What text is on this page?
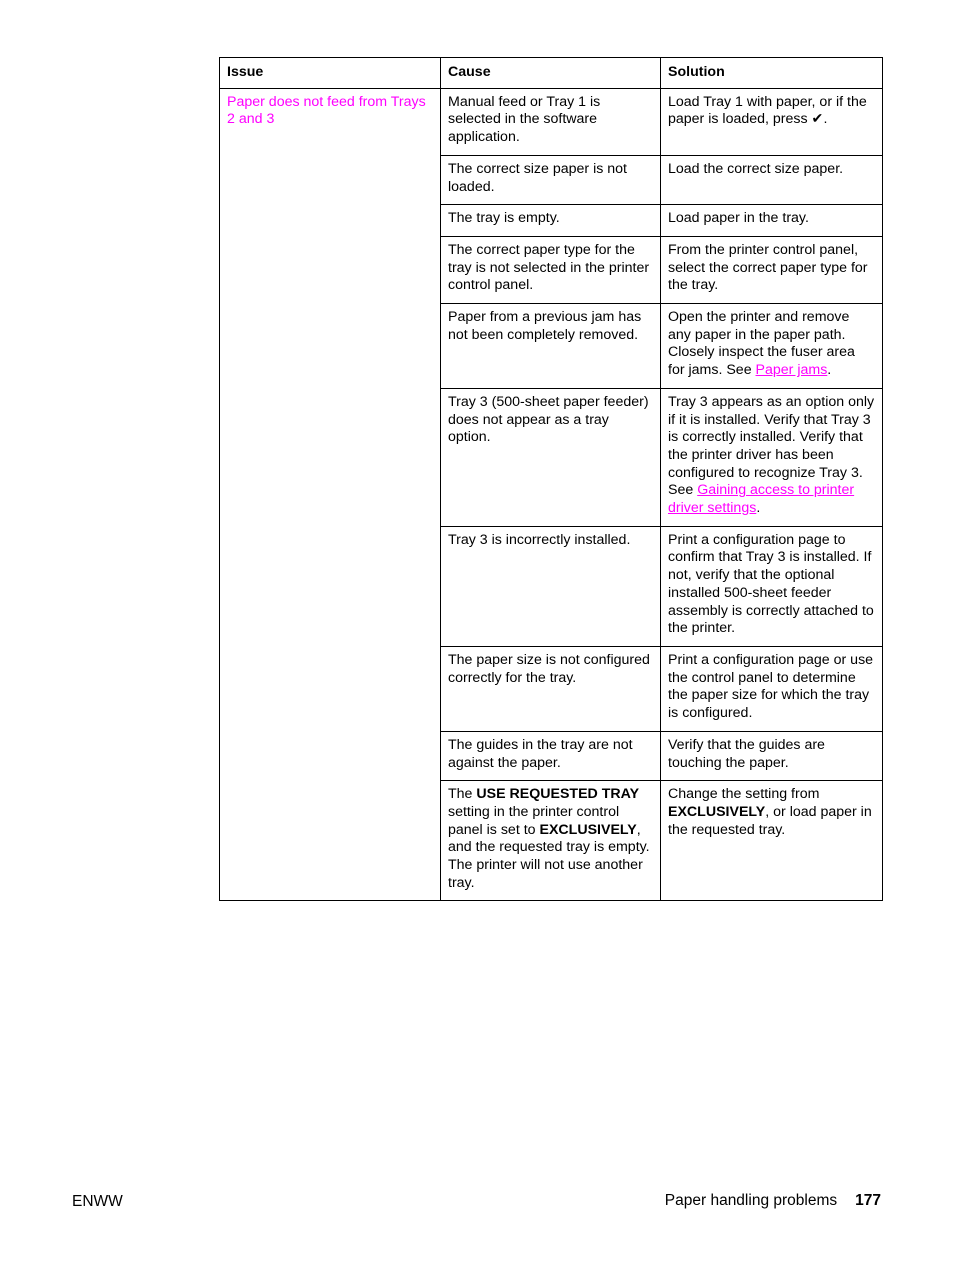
Issue	Cause	Solution
Paper does not feed from Trays 2 and 3	Manual feed or Tray 1 is selected in the software application.	Load Tray 1 with paper, or if the paper is loaded, press ✔.
	The correct size paper is not loaded.	Load the correct size paper.
	The tray is empty.	Load paper in the tray.
	The correct paper type for the tray is not selected in the printer control panel.	From the printer control panel, select the correct paper type for the tray.
	Paper from a previous jam has not been completely removed.	Open the printer and remove any paper in the paper path. Closely inspect the fuser area for jams. See Paper jams.
	Tray 3 (500-sheet paper feeder) does not appear as a tray option.	Tray 3 appears as an option only if it is installed. Verify that Tray 3 is correctly installed. Verify that the printer driver has been configured to recognize Tray 3. See Gaining access to printer driver settings.
	Tray 3 is incorrectly installed.	Print a configuration page to confirm that Tray 3 is installed. If not, verify that the optional installed 500-sheet feeder assembly is correctly attached to the printer.
	The paper size is not configured correctly for the tray.	Print a configuration page or use the control panel to determine the paper size for which the tray is configured.
	The guides in the tray are not against the paper.	Verify that the guides are touching the paper.
	The USE REQUESTED TRAY setting in the printer control panel is set to EXCLUSIVELY, and the requested tray is empty. The printer will not use another tray.	Change the setting from EXCLUSIVELY, or load paper in the requested tray.
ENWW	Paper handling problems 177
